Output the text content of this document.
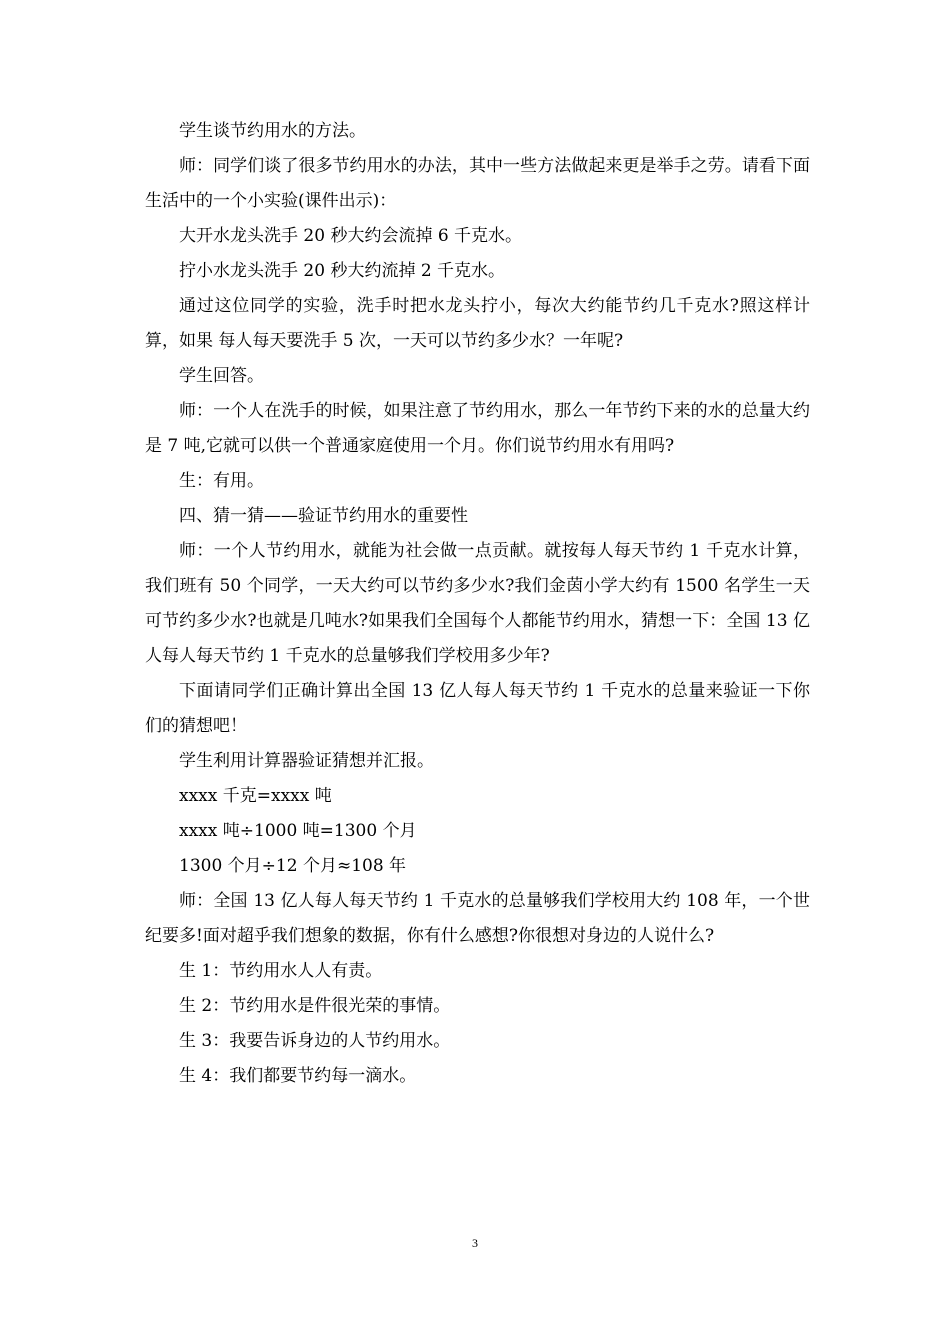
学生谈节约用水的方法。

师：同学们谈了很多节约用水的办法，其中一些方法做起来更是举手之劳。请看下面生活中的一个小实验(课件出示)：

大开水龙头洗手 20 秒大约会流掉 6 千克水。

拧小水龙头洗手 20 秒大约流掉 2 千克水。

通过这位同学的实验，洗手时把水龙头拧小，每次大约能节约几千克水?照这样计算，如果 每人每天要洗手 5 次，一天可以节约多少水？一年呢?

学生回答。

师：一个人在洗手的时候，如果注意了节约用水，那么一年节约下来的水的总量大约是 7 吨,它就可以供一个普通家庭使用一个月。你们说节约用水有用吗?

生：有用。

四、猜一猜——验证节约用水的重要性

师：一个人节约用水，就能为社会做一点贡献。就按每人每天节约 1 千克水计算，我们班有 50 个同学，一天大约可以节约多少水?我们金茵小学大约有 1500 名学生一天可节约多少水?也就是几吨水?如果我们全国每个人都能节约用水，猜想一下：全国 13 亿人每人每天节约 1 千克水的总量够我们学校用多少年?

下面请同学们正确计算出全国 13 亿人每人每天节约 1 千克水的总量来验证一下你们的猜想吧！

学生利用计算器验证猜想并汇报。

xxxx 千克=xxxx 吨

xxxx 吨÷1000 吨=1300 个月

1300 个月÷12 个月≈108 年

师：全国 13 亿人每人每天节约 1 千克水的总量够我们学校用大约 108 年，一个世纪要多!面对超乎我们想象的数据，你有什么感想?你很想对身边的人说什么?

生 1：节约用水人人有责。

生 2：节约用水是件很光荣的事情。

生 3：我要告诉身边的人节约用水。

生 4：我们都要节约每一滴水。

3
